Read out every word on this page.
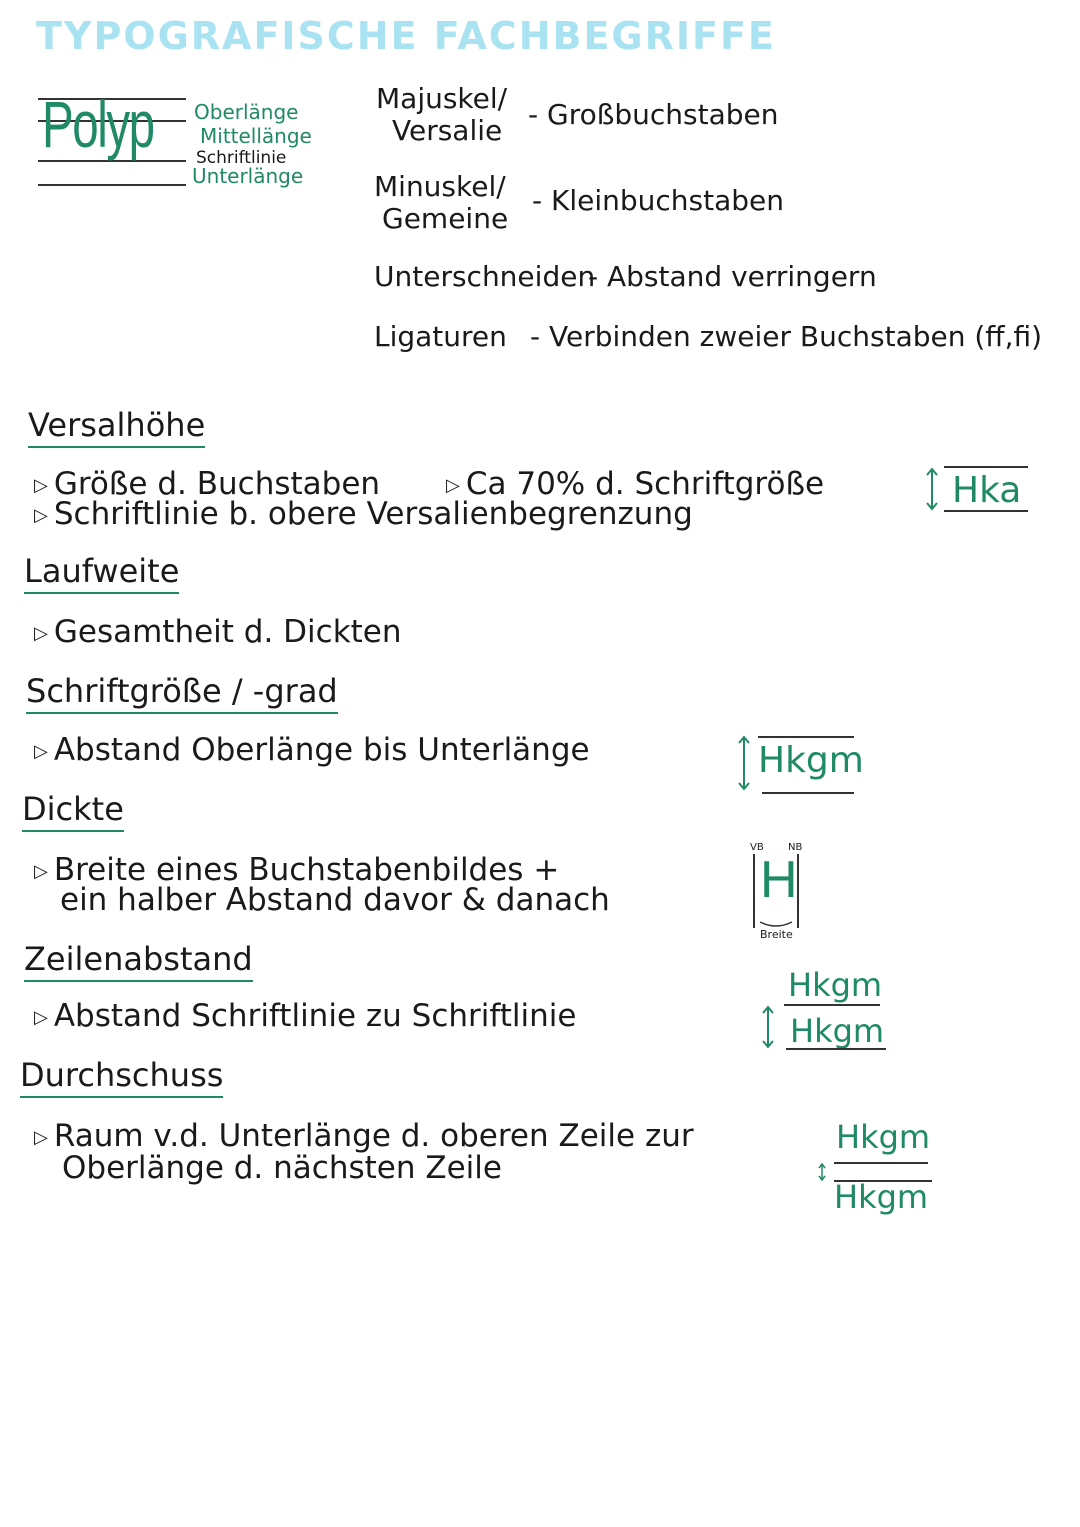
TYPOGRAFISCHE FACHBEGRIFFE
Polyp Oberlänge
Mittellänge
Schriftlinie
Unterlänge
Majuskel/
Versalie - Großbuchstaben
Minuskel/
Gemeine
- Kleinbuchstaben
Unterschneiden
- Abstand verringern
Ligaturen - Verbinden zweier Buchstaben (ff,fi)
Versalhöhe
▷ Größe d. Buchstaben
▷ Schriftlinie b. obere Versalienbegrenzung
▷ Ca 70% d. Schriftgröße	Hka
Laufweite
▷ Gesamtheit d. Dickten
Schriftgröße / -grad
▷ Abstand Oberlänge bis Unterlänge	Hkgm
Dickte
▷ Breite eines Buchstabenbildes +
ein halber Abstand davor & danach
VB NB
H
Breite
Zeilenabstand
▷ Abstand Schriftlinie zu Schriftlinie
Hkgm
Hkgm
Durchschuss
▷ Raum v.d. Unterlänge d. oberen Zeile zur
Oberlänge d. nächsten Zeile
Hkgm
Hkgm
